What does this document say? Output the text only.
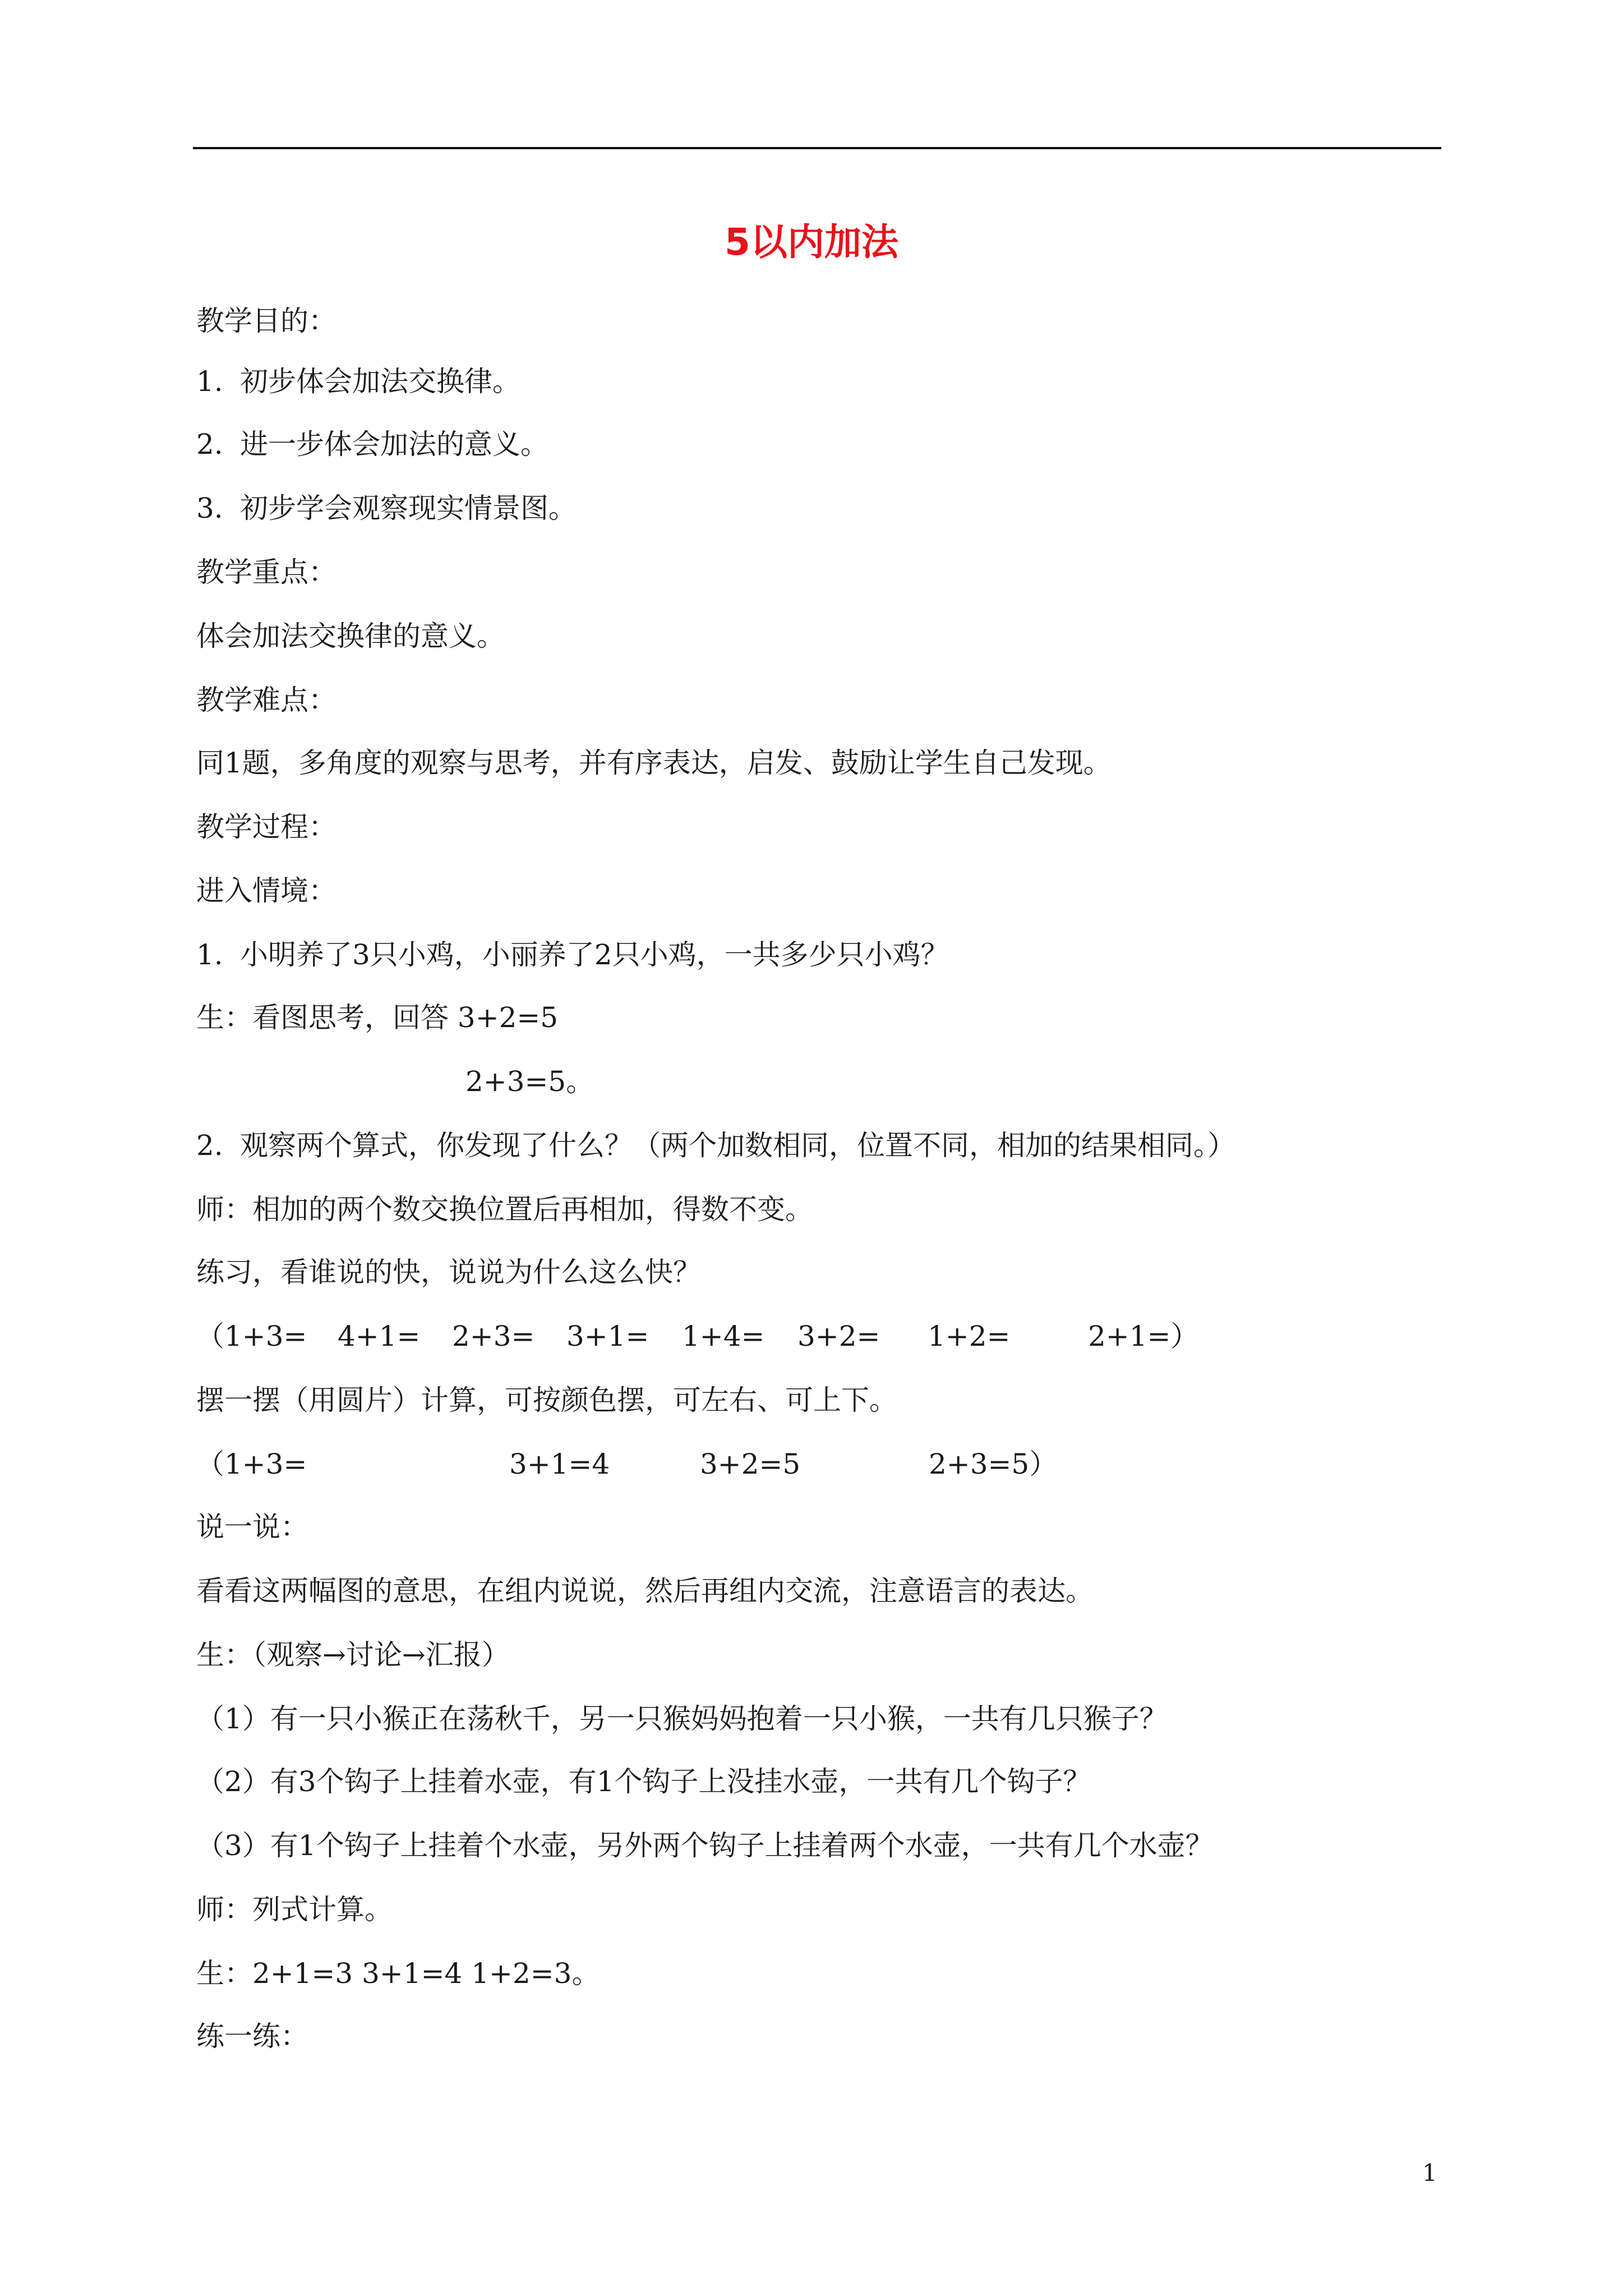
5以内加法
教学目的：
1. 初步体会加法交换律。
2. 进一步体会加法的意义。
3. 初步学会观察现实情景图。
教学重点：
体会加法交换律的意义。
教学难点：
同1题，多角度的观察与思考，并有序表达，启发、鼓励让学生自己发现。
教学过程：
进入情境：
1. 小明养了3只小鸡，小丽养了2只小鸡，一共多少只小鸡？
生：看图思考，回答 3+2=5
2+3=5。
2. 观察两个算式，你发现了什么？（两个加数相同，位置不同，相加的结果相同。）
师：相加的两个数交换位置后再相加，得数不变。
练习，看谁说的快，说说为什么这么快？
（1+3= 4+1= 2+3= 3+1= 1+4= 3+2= 1+2=	2+1=）
摆一摆（用圆片）计算，可按颜色摆，可左右、可上下。
（1+3=	3+1=4	3+2=5	2+3=5）
说一说：
看看这两幅图的意思，在组内说说，然后再组内交流，注意语言的表达。
生：（观察→讨论→汇报）
（1）有一只小猴正在荡秋千，另一只猴妈妈抱着一只小猴，一共有几只猴子？
（2）有3个钩子上挂着水壶，有1个钩子上没挂水壶，一共有几个钩子？
（3）有1个钩子上挂着个水壶，另外两个钩子上挂着两个水壶，一共有几个水壶？
师：列式计算。
生：2+1=3 3+1=4 1+2=3。
练一练：
1
